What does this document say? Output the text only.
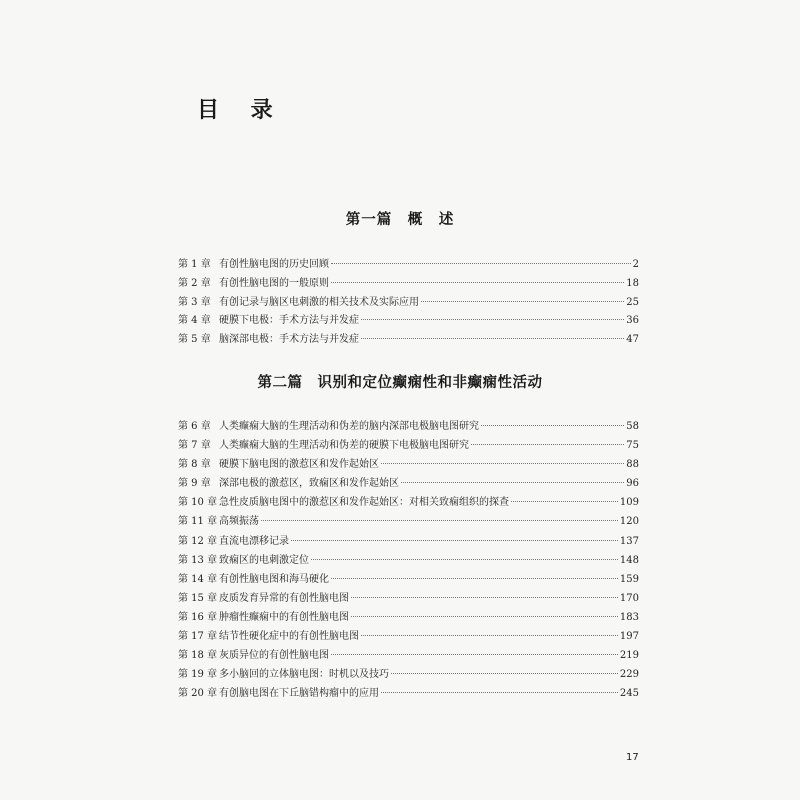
目 录
第一篇　概　述
第 1 章 有创性脑电图的历史回顾	2
第 2 章 有创性脑电图的一般原则	18
第 3 章 有创记录与脑区电刺激的相关技术及实际应用	25
第 4 章 硬膜下电极：手术方法与并发症	36
第 5 章 脑深部电极：手术方法与并发症	47
第二篇　识别和定位癫痫性和非癫痫性活动
第 6 章 人类癫痫大脑的生理活动和伪差的脑内深部电极脑电图研究	58
第 7 章 人类癫痫大脑的生理活动和伪差的硬膜下电极脑电图研究	75
第 8 章 硬膜下脑电图的激惹区和发作起始区	88
第 9 章 深部电极的激惹区，致痫区和发作起始区	96
第 10 章 急性皮质脑电图中的激惹区和发作起始区：对相关致痫组织的探查	109
第 11 章 高频振荡	120
第 12 章 直流电漂移记录	137
第 13 章 致痫区的电刺激定位	148
第 14 章 有创性脑电图和海马硬化	159
第 15 章 皮质发育异常的有创性脑电图	170
第 16 章 肿瘤性癫痫中的有创性脑电图	183
第 17 章 结节性硬化症中的有创性脑电图	197
第 18 章 灰质异位的有创性脑电图	219
第 19 章 多小脑回的立体脑电图：时机以及技巧	229
第 20 章 有创脑电图在下丘脑错构瘤中的应用	245
17
